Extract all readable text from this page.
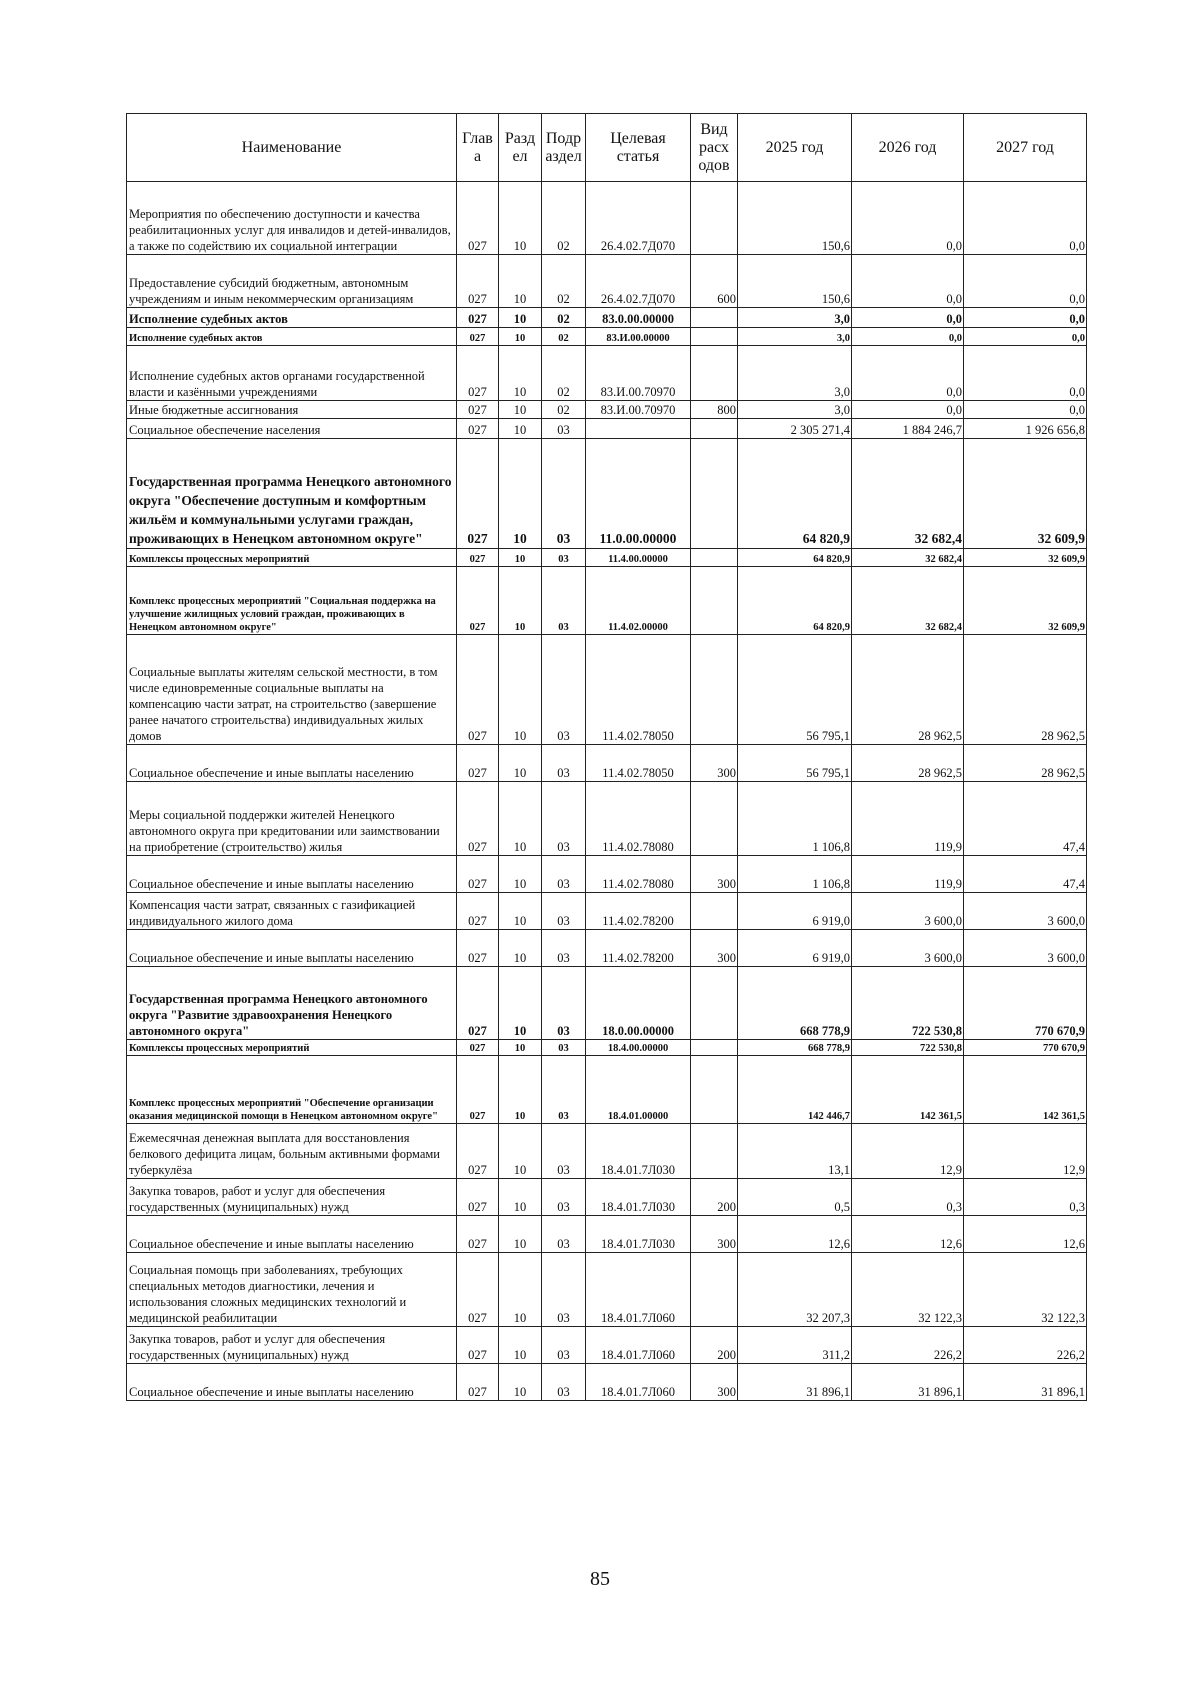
Наименование	Глав а	Разд ел	Подр аздел	Целевая статья	Вид расх одов	2025 год	2026 год	2027 год
Мероприятия по обеспечению доступности и качества реабилитационных услуг для инвалидов и детей-инвалидов, а также по содействию их социальной интеграции	027	10	02	26.4.02.7Д070		150,6	0,0	0,0
Предоставление субсидий бюджетным, автономным учреждениям и иным некоммерческим организациям	027	10	02	26.4.02.7Д070	600	150,6	0,0	0,0
Исполнение судебных актов	027	10	02	83.0.00.00000		3,0	0,0	0,0
Исполнение судебных актов	027	10	02	83.И.00.00000		3,0	0,0	0,0
Исполнение судебных актов органами государственной власти и казёнными учреждениями	027	10	02	83.И.00.70970		3,0	0,0	0,0
Иные бюджетные ассигнования	027	10	02	83.И.00.70970	800	3,0	0,0	0,0
Социальное обеспечение населения	027	10	03			2 305 271,4	1 884 246,7	1 926 656,8
Государственная программа Ненецкого автономного округа "Обеспечение доступным и комфортным жильём и коммунальными услугами граждан, проживающих в Ненецком автономном округе"	027	10	03	11.0.00.00000		64 820,9	32 682,4	32 609,9
Комплексы процессных мероприятий	027	10	03	11.4.00.00000		64 820,9	32 682,4	32 609,9
Комплекс процессных мероприятий "Социальная поддержка на улучшение жилищных условий граждан, проживающих в Ненецком автономном округе"	027	10	03	11.4.02.00000		64 820,9	32 682,4	32 609,9
Социальные выплаты жителям сельской местности, в том числе единовременные социальные выплаты на компенсацию части затрат, на строительство (завершение ранее начатого строительства) индивидуальных жилых домов	027	10	03	11.4.02.78050		56 795,1	28 962,5	28 962,5
Социальное обеспечение и иные выплаты населению	027	10	03	11.4.02.78050	300	56 795,1	28 962,5	28 962,5
Меры социальной поддержки жителей Ненецкого автономного округа при кредитовании или заимствовании на приобретение (строительство) жилья	027	10	03	11.4.02.78080		1 106,8	119,9	47,4
Социальное обеспечение и иные выплаты населению	027	10	03	11.4.02.78080	300	1 106,8	119,9	47,4
Компенсация части затрат, связанных с газификацией индивидуального жилого дома	027	10	03	11.4.02.78200		6 919,0	3 600,0	3 600,0
Социальное обеспечение и иные выплаты населению	027	10	03	11.4.02.78200	300	6 919,0	3 600,0	3 600,0
Государственная программа Ненецкого автономного округа "Развитие здравоохранения Ненецкого автономного округа"	027	10	03	18.0.00.00000		668 778,9	722 530,8	770 670,9
Комплексы процессных мероприятий	027	10	03	18.4.00.00000		668 778,9	722 530,8	770 670,9
Комплекс процессных мероприятий "Обеспечение организации оказания медицинской помощи в Ненецком автономном округе"	027	10	03	18.4.01.00000		142 446,7	142 361,5	142 361,5
Ежемесячная денежная выплата для восстановления белкового дефицита лицам, больным активными формами туберкулёза	027	10	03	18.4.01.7Л030		13,1	12,9	12,9
Закупка товаров, работ и услуг для обеспечения государственных (муниципальных) нужд	027	10	03	18.4.01.7Л030	200	0,5	0,3	0,3
Социальное обеспечение и иные выплаты населению	027	10	03	18.4.01.7Л030	300	12,6	12,6	12,6
Социальная помощь при заболеваниях, требующих специальных методов диагностики, лечения и использования сложных медицинских технологий и медицинской реабилитации	027	10	03	18.4.01.7Л060		32 207,3	32 122,3	32 122,3
Закупка товаров, работ и услуг для обеспечения государственных (муниципальных) нужд	027	10	03	18.4.01.7Л060	200	311,2	226,2	226,2
Социальное обеспечение и иные выплаты населению	027	10	03	18.4.01.7Л060	300	31 896,1	31 896,1	31 896,1
85
